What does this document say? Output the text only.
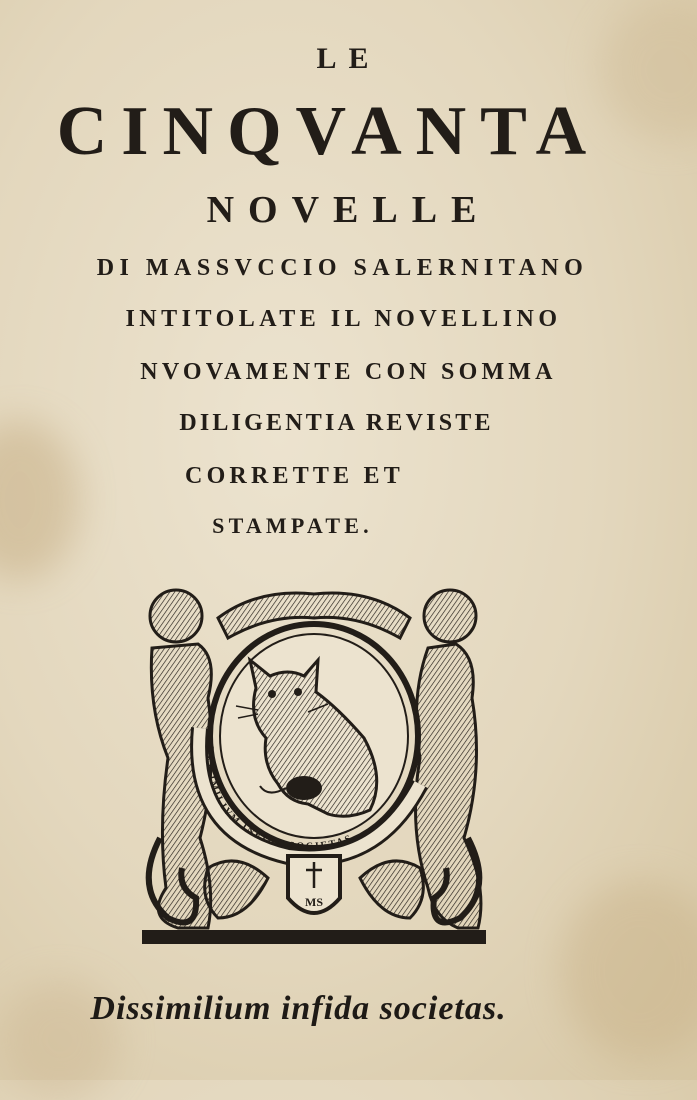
LE
CINQVANTA
NOVELLE
DI MASSVCCIO SALERNITANO
INTITOLATE IL NOVELLINO
NVOVAMENTE CON SOMMA
DILIGENTIA REVISTE
CORRETTE ET
STAMPATE.
DISSIMILIVM INFIDA SOCIETAS
MS
Dissimilium infida societas.
